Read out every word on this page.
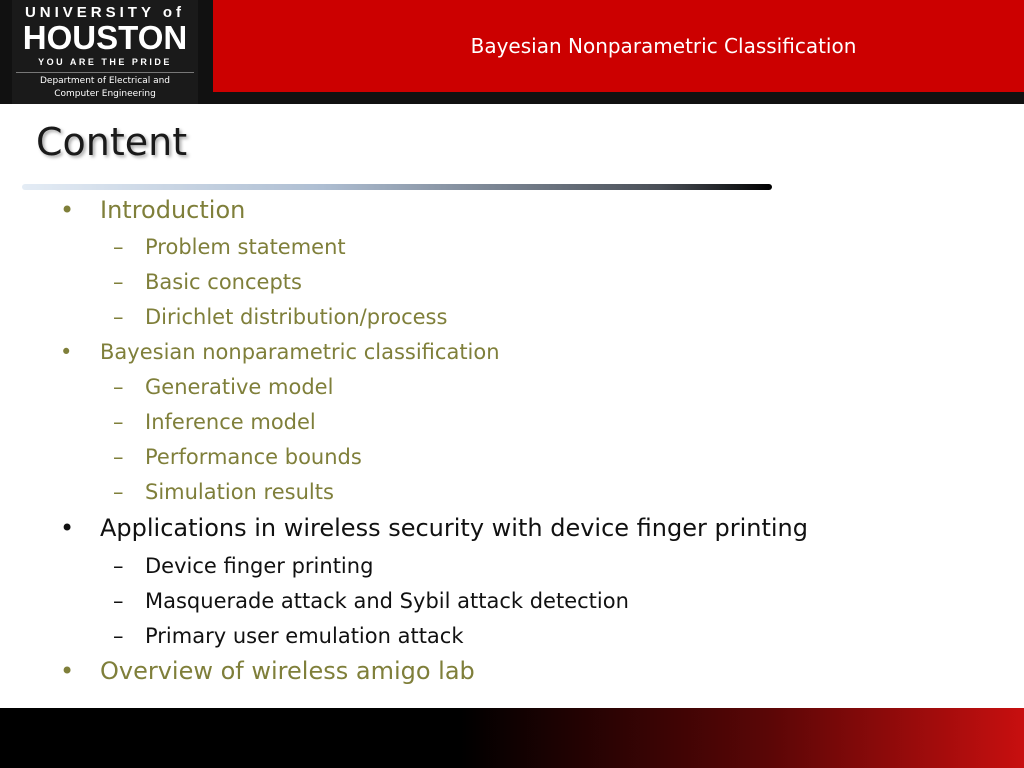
Bayesian Nonparametric Classification
UNIVERSITY of
HOUSTON
YOU ARE THE PRIDE
Department of Electrical and
Computer Engineering
Content
• Introduction
– Problem statement
– Basic concepts
– Dirichlet distribution/process
• Bayesian nonparametric classification
– Generative model
– Inference model
– Performance bounds
– Simulation results
• Applications in wireless security with device finger printing
– Device finger printing
– Masquerade attack and Sybil attack detection
– Primary user emulation attack
• Overview of wireless amigo lab
